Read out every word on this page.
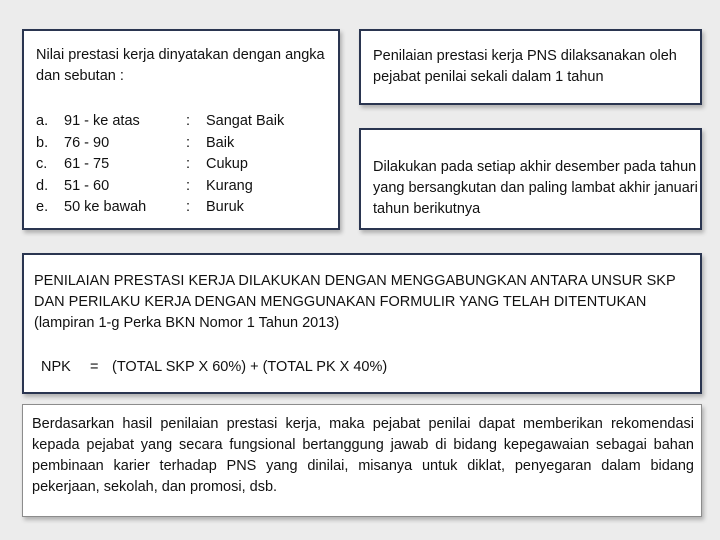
Nilai prestasi kerja dinyatakan dengan angka dan sebutan :

a. 91 - ke atas	: Sangat Baik
b. 76 - 90	: Baik
c. 61 - 75	: Cukup
d. 51 - 60	: Kurang
e. 50 ke bawah	: Buruk

Penilaian prestasi kerja PNS dilaksanakan oleh pejabat penilai sekali dalam 1 tahun

Dilakukan pada setiap akhir desember pada tahun yang bersangkutan dan paling lambat akhir januari tahun berikutnya

PENILAIAN PRESTASI KERJA DILAKUKAN DENGAN MENGGABUNGKAN ANTARA UNSUR SKP DAN PERILAKU KERJA DENGAN MENGGUNAKAN FORMULIR YANG TELAH DITENTUKAN (lampiran 1-g Perka BKN Nomor 1 Tahun 2013)

NPK = (TOTAL SKP X 60%) + (TOTAL PK X 40%)

Berdasarkan hasil penilaian prestasi kerja, maka pejabat penilai dapat memberikan rekomendasi kepada pejabat yang secara fungsional bertanggung jawab di bidang kepegawaian sebagai bahan pembinaan karier terhadap PNS yang dinilai, misanya untuk diklat, penyegaran dalam bidang pekerjaan, sekolah, dan promosi, dsb.
